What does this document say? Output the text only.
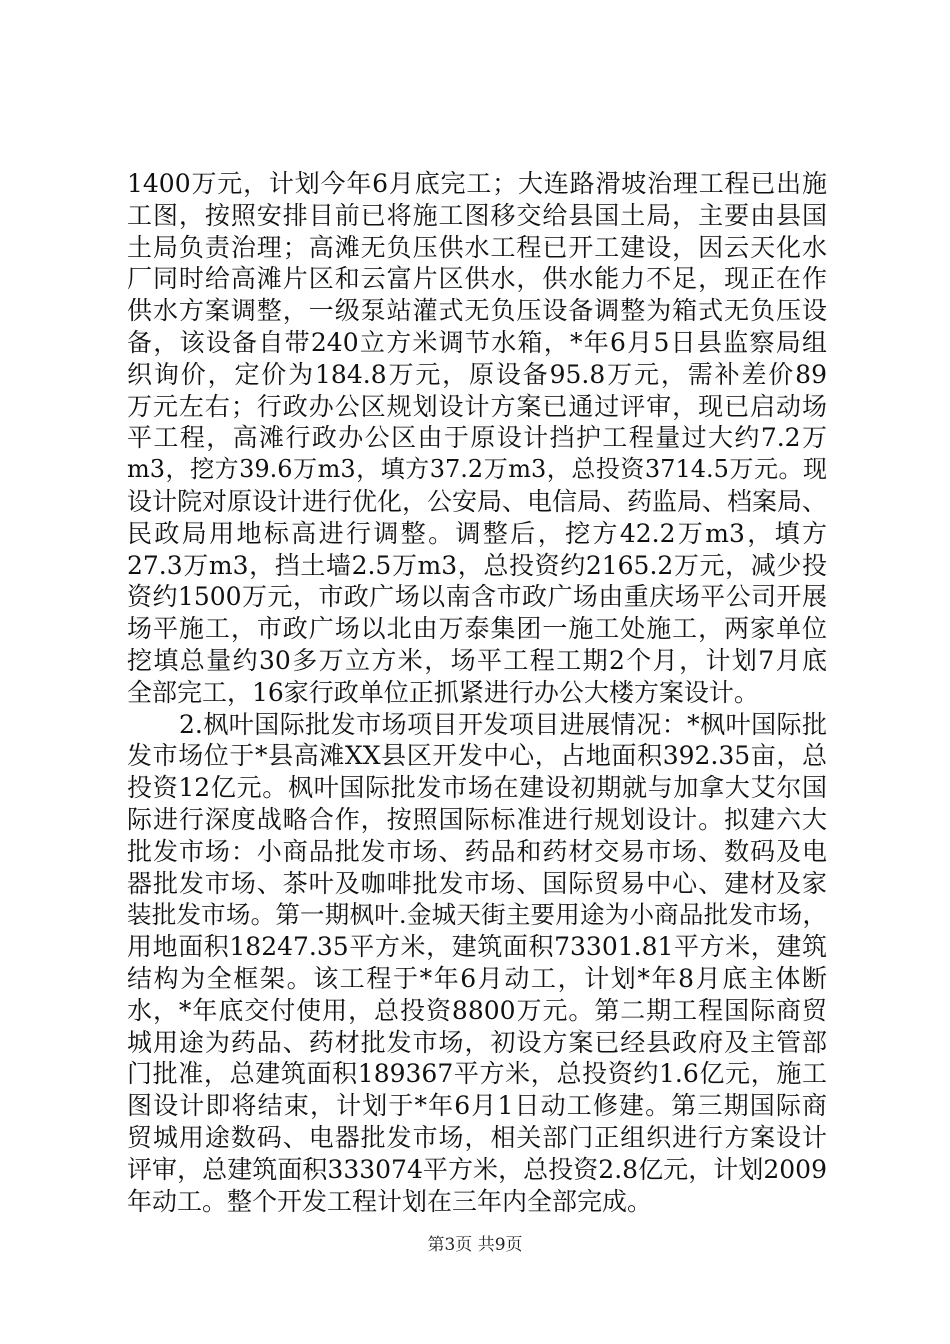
1400万元，计划今年6月底完工；大连路滑坡治理工程已出施
工图，按照安排目前已将施工图移交给县国土局，主要由县国
土局负责治理；高滩无负压供水工程已开工建设，因云天化水
厂同时给高滩片区和云富片区供水，供水能力不足，现正在作
供水方案调整，一级泵站灌式无负压设备调整为箱式无负压设
备，该设备自带240立方米调节水箱，*年6月5日县监察局组
织询价，定价为184.8万元，原设备95.8万元，需补差价89
万元左右；行政办公区规划设计方案已通过评审，现已启动场
平工程，高滩行政办公区由于原设计挡护工程量过大约7.2万
m3，挖方39.6万m3，填方37.2万m3，总投资3714.5万元。现
设计院对原设计进行优化，公安局、电信局、药监局、档案局、
民政局用地标高进行调整。调整后，挖方42.2万m3，填方
27.3万m3，挡土墙2.5万m3，总投资约2165.2万元，减少投
资约1500万元，市政广场以南含市政广场由重庆场平公司开展
场平施工，市政广场以北由万泰集团一施工处施工，两家单位
挖填总量约30多万立方米，场平工程工期2个月，计划7月底
全部完工，16家行政单位正抓紧进行办公大楼方案设计。
2.枫叶国际批发市场项目开发项目进展情况：*枫叶国际批
发市场位于*县高滩XX县区开发中心，占地面积392.35亩，总
投资12亿元。枫叶国际批发市场在建设初期就与加拿大艾尔国
际进行深度战略合作，按照国际标准进行规划设计。拟建六大
批发市场：小商品批发市场、药品和药材交易市场、数码及电
器批发市场、茶叶及咖啡批发市场、国际贸易中心、建材及家
装批发市场。第一期枫叶.金城天街主要用途为小商品批发市场，
用地面积18247.35平方米，建筑面积73301.81平方米，建筑
结构为全框架。该工程于*年6月动工，计划*年8月底主体断
水，*年底交付使用，总投资8800万元。第二期工程国际商贸
城用途为药品、药材批发市场，初设方案已经县政府及主管部
门批准，总建筑面积189367平方米，总投资约1.6亿元，施工
图设计即将结束，计划于*年6月1日动工修建。第三期国际商
贸城用途数码、电器批发市场，相关部门正组织进行方案设计
评审，总建筑面积333074平方米，总投资2.8亿元，计划2009
年动工。整个开发工程计划在三年内全部完成。
第3页 共9页
